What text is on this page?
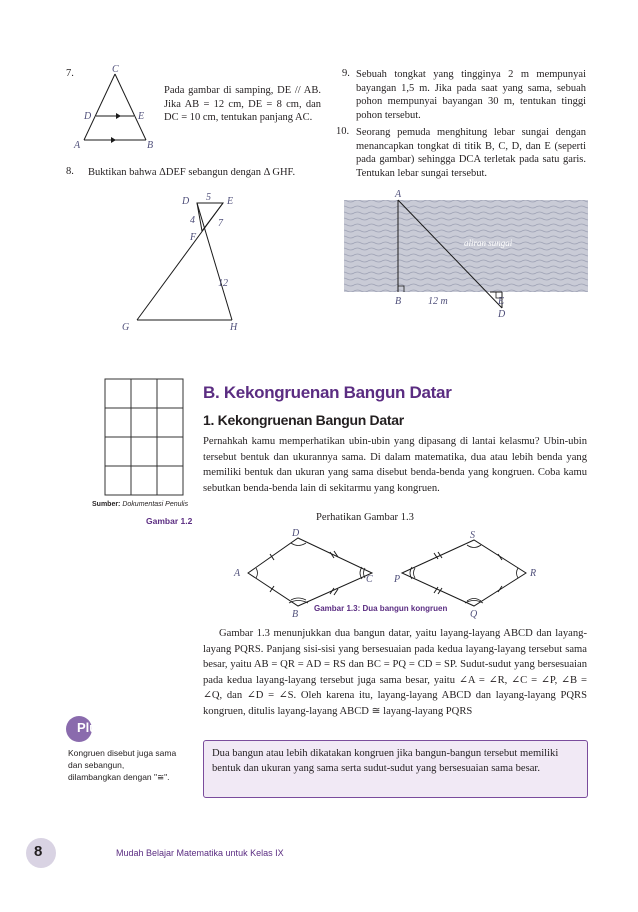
7.	C
D	E
A	B
Pada gambar di samping, DE // AB. Jika AB = 12 cm, DE = 8 cm, dan DC = 10 cm, tentukan panjang AC.
8. Buktikan bahwa ΔDEF sebangun dengan Δ GHF.
D	E
F
G	H
5
4 7
12
9. Sebuah tongkat yang tingginya 2 m mempunyai bayangan 1,5 m. Jika pada saat yang sama, sebuah pohon mempunyai bayangan 30 m, tentukan tinggi pohon tersebut.
10. Seorang pemuda menghitung lebar sungai dengan menancapkan tongkat di titik B, C, D, dan E (seperti pada gambar) sehingga DCA terletak pada satu garis. Tentukan lebar sungai tersebut.
A
aliran sungai
B	12 m	E
D
Sumber: Dokumentasi Penulis
Gambar 1.2
B. Kekongruenan Bangun Datar
1. Kekongruenan Bangun Datar
Pernahkah kamu memperhatikan ubin-ubin yang dipasang di lantai kelasmu? Ubin-ubin tersebut bentuk dan ukurannya sama. Di dalam matematika, dua atau lebih benda yang memiliki bentuk dan ukuran yang sama disebut benda-benda yang kongruen. Coba kamu sebutkan benda-benda lain di sekitarmu yang kongruen.
Perhatikan Gambar 1.3
A
B
C
D
P
Q
R
S
Gambar 1.3: Dua bangun kongruen
Gambar 1.3 menunjukkan dua bangun datar, yaitu layang-layang ABCD dan layang-layang PQRS. Panjang sisi-sisi yang bersesuaian pada kedua layang-layang tersebut sama besar, yaitu AB = QR = AD = RS dan BC = PQ = CD = SP. Sudut-sudut yang bersesuaian pada kedua layang-layang tersebut juga sama besar, yaitu ∠A = ∠R, ∠C = ∠P, ∠B = ∠Q, dan ∠D = ∠S. Oleh karena itu, layang-layang ABCD dan layang-layang PQRS kongruen, ditulis layang-layang ABCD ≅ layang-layang PQRS
Plus+
Kongruen disebut juga sama dan sebangun, dilambangkan dengan "≅".
Dua bangun atau lebih dikatakan kongruen jika bangun-bangun tersebut memiliki bentuk dan ukuran yang sama serta sudut-sudut yang bersesuaian sama besar.
8	Mudah Belajar Matematika untuk Kelas IX
